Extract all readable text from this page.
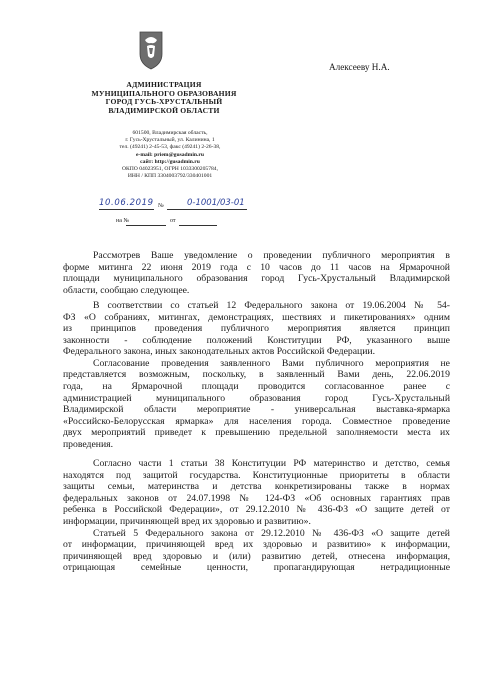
АДМИНИСТРАЦИЯ
МУНИЦИПАЛЬНОГО ОБРАЗОВАНИЯ
ГОРОД ГУСЬ-ХРУСТАЛЬНЫЙ
ВЛАДИМИРСКОЙ ОБЛАСТИ
601500, Владимирская область,
г. Гусь-Хрустальный, ул. Калинина, 1
тел. (49241) 2-45-53, факс (49241) 2-26-38,
e-mail: priem@gusadmin.ru
сайт: http://gusadmin.ru
ОКПО 04023951, ОГРН 1033300205784,
ИНН / КПП 3304003792/330401001
10.06.2019 №	0-1001/03-01
на №	от
Алексееву Н.А.

Рассмотрев Ваше уведомление о проведении публичного мероприятия в
форме митинга 22 июня 2019 года с 10 часов до 11 часов на Ярмарочной
площади муниципального образования город Гусь-Хрустальный Владимирской
области, сообщаю следующее.

В соответствии со статьей 12 Федерального закона от 19.06.2004 № 54-
ФЗ «О собраниях, митингах, демонстрациях, шествиях и пикетированиях» одним
из принципов проведения публичного мероприятия является принцип
законности - соблюдение положений Конституции РФ, указанного выше
Федерального закона, иных законодательных актов Российской Федерации.

Согласование проведения заявленного Вами публичного мероприятия не
представляется возможным, поскольку, в заявленный Вами день, 22.06.2019
года, на Ярмарочной площади проводится согласованное ранее с
администрацией муниципального образования город Гусь-Хрустальный
Владимирской области мероприятие - универсальная выставка-ярмарка
«Российско-Белорусская ярмарка» для населения города. Совместное проведение
двух мероприятий приведет к превышению предельной заполняемости места их
проведения.

Согласно части 1 статьи 38 Конституции РФ материнство и детство, семья
находятся под защитой государства. Конституционные приоритеты в области
защиты семьи, материнства и детства конкретизированы также в нормах
федеральных законов от 24.07.1998 № 124-ФЗ «Об основных гарантиях прав
ребенка в Российской Федерации», от 29.12.2010 № 436-ФЗ «О защите детей от
информации, причиняющей вред их здоровью и развитию».

Статьей 5 Федерального закона от 29.12.2010 № 436-ФЗ «О защите детей
от информации, причиняющей вред их здоровью и развитию» к информации,
причиняющей вред здоровью и (или) развитию детей, отнесена информация,
отрицающая семейные ценности, пропагандирующая нетрадиционные
